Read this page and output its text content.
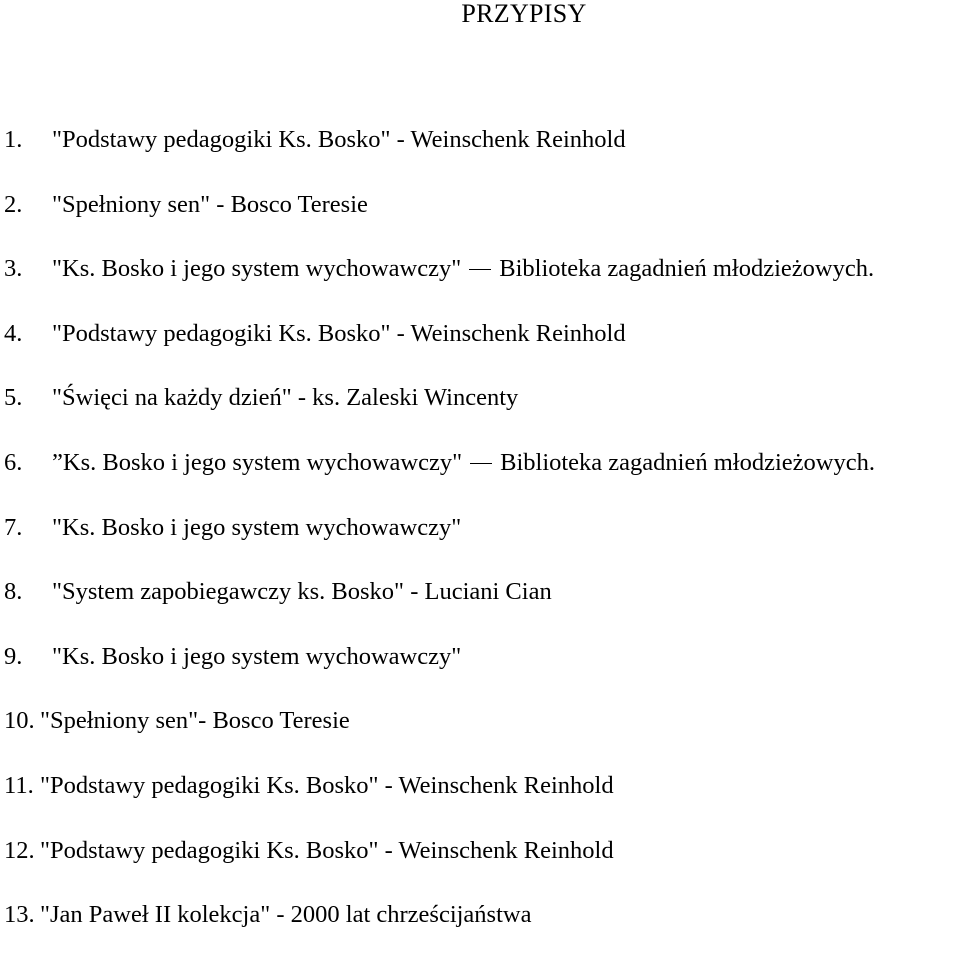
PRZYPISY
1. "Podstawy pedagogiki Ks. Bosko" - Weinschenk Reinhold
2. "Spełniony sen" - Bosco Teresie
3. "Ks. Bosko i jego system wychowawczy" Biblioteka zagadnień młodzieżowych.
4. "Podstawy pedagogiki Ks. Bosko" - Weinschenk Reinhold
5. "Święci na każdy dzień" - ks. Zaleski Wincenty
6. ”Ks. Bosko i jego system wychowawczy" Biblioteka zagadnień młodzieżowych.
7. "Ks. Bosko i jego system wychowawczy"
8. "System zapobiegawczy ks. Bosko" - Luciani Cian
9. "Ks. Bosko i jego system wychowawczy"
10. "Spełniony sen"- Bosco Teresie
11. "Podstawy pedagogiki Ks. Bosko" - Weinschenk Reinhold
12. "Podstawy pedagogiki Ks. Bosko" - Weinschenk Reinhold
13. "Jan Paweł II kolekcja" - 2000 lat chrześcijaństwa
